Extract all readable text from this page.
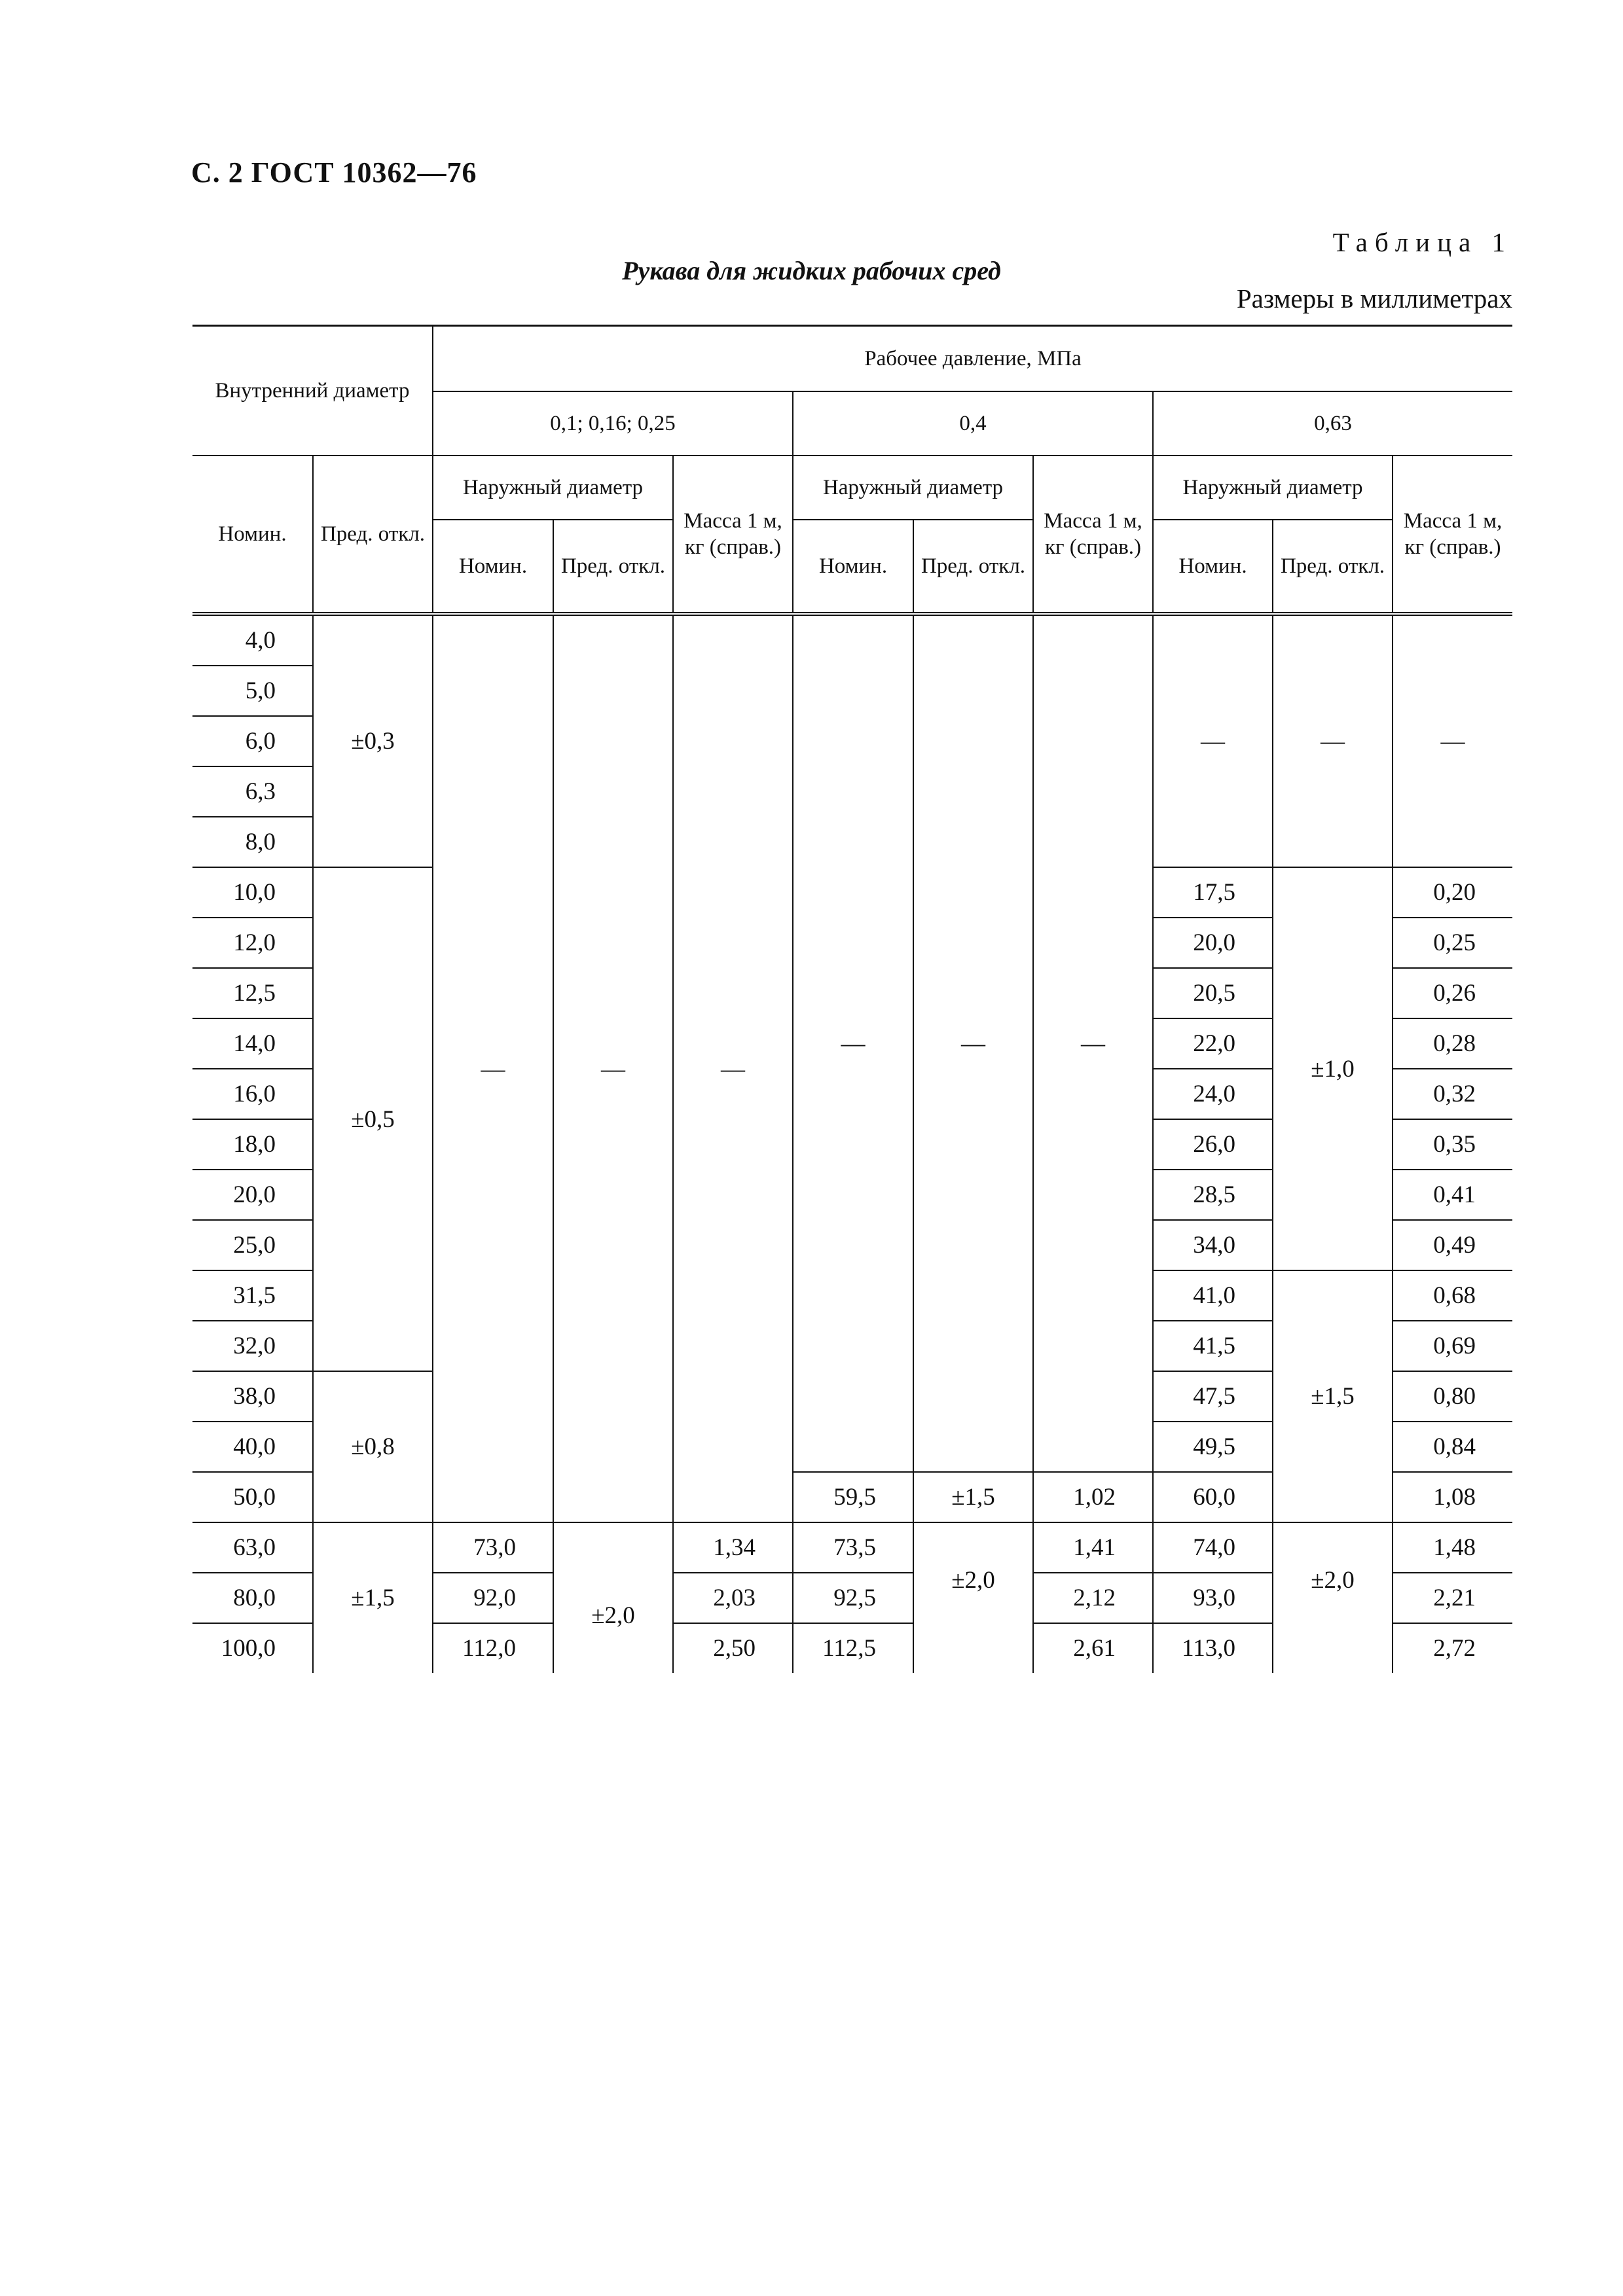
С. 2 ГОСТ 10362—76
Таблица 1
Рукава для жидких рабочих сред
Размеры в миллиметрах
Внутренний диаметр		Рабочее давление, МПа								
		0,1; 0,16; 0,25			0,4			0,63		
Номин.	Пред. откл.	Наружный диаметр		Масса 1 м, кг (справ.)	Наружный диаметр		Масса 1 м, кг (справ.)	Наружный диаметр		Масса 1 м, кг (справ.)
		Номин.	Пред. откл.		Номин.	Пред. откл.		Номин.	Пред. откл.	
4,0	±0,3	—	—	—	—	—	—	—	—	—
5,0										
6,0										
6,3										
8,0										
10,0	±0,5							17,5	±1,0	0,20
12,0								20,0		0,25
12,5								20,5		0,26
14,0								22,0		0,28
16,0								24,0		0,32
18,0								26,0		0,35
20,0								28,5		0,41
25,0								34,0		0,49
31,5								41,0	±1,5	0,68
32,0								41,5		0,69
38,0	±0,8							47,5		0,80
40,0								49,5		0,84
50,0					59,5	±1,5	1,02	60,0		1,08
63,0	±1,5	73,0	±2,0	1,34	73,5	±2,0	1,41	74,0	±2,0	1,48
80,0		92,0		2,03	92,5		2,12	93,0		2,21
100,0		112,0		2,50	112,5		2,61	113,0		2,72
